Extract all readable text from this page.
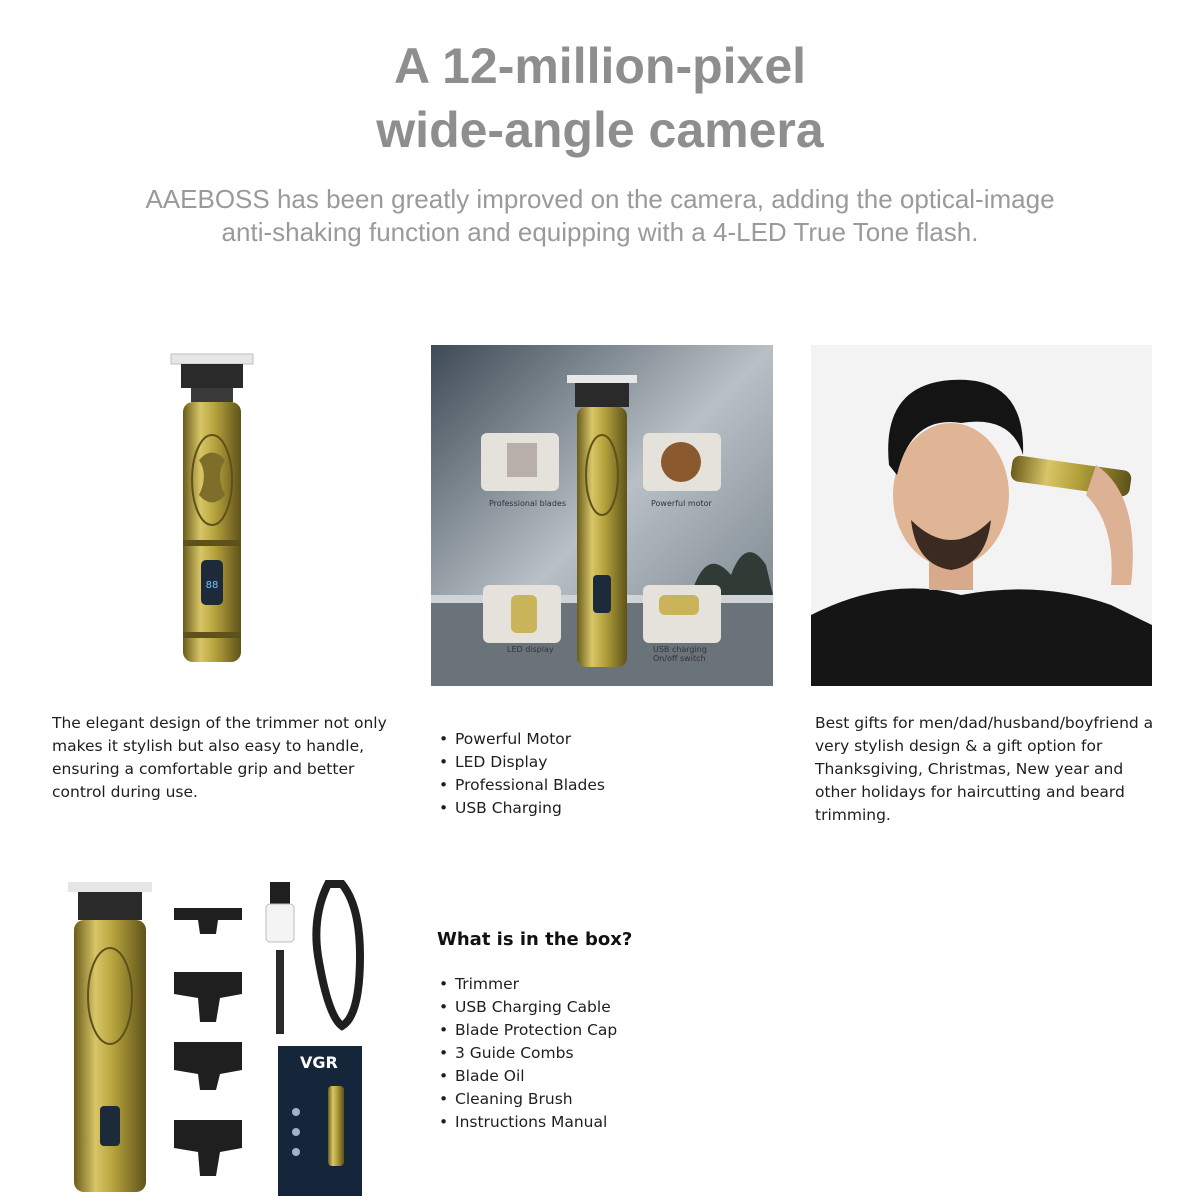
A 12-million-pixel
wide-angle camera
AAEBOSS has been greatly improved on the camera, adding the optical-image
anti-shaking function and equipping with a 4-LED True Tone flash.
88
The elegant design of the trimmer not only makes it stylish but also easy to handle, ensuring a comfortable grip and better control during use.
Professional blades	Powerful motor
LED display	USB charging On/off switch
• Powerful Motor
• LED Display
• Professional Blades
• USB Charging
Best gifts for men/dad/husband/boyfriend a very stylish design & a gift option for Thanksgiving, Christmas, New year and other holidays for haircutting and beard trimming.
VGR
What is in the box?
• Trimmer
• USB Charging Cable
• Blade Protection Cap
• 3 Guide Combs
• Blade Oil
• Cleaning Brush
• Instructions Manual
